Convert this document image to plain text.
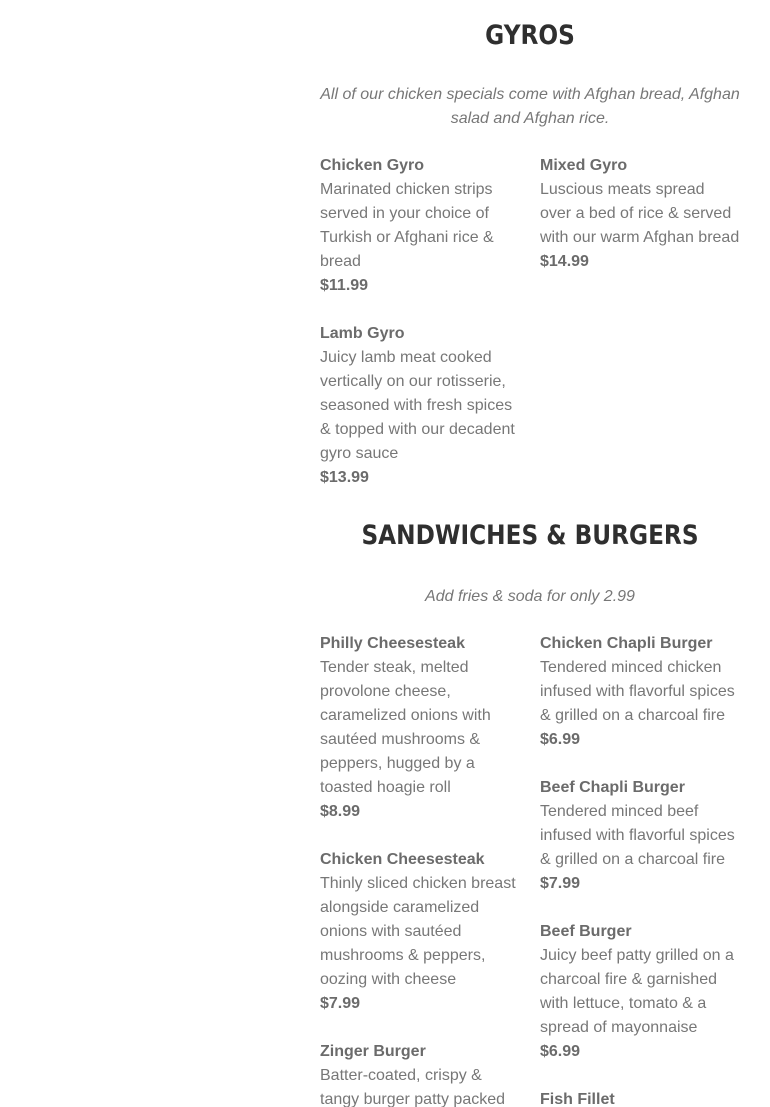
GYROS

All of our chicken specials come with Afghan bread, Afghan salad and Afghan rice.

Chicken Gyro
Marinated chicken strips served in your choice of Turkish or Afghani rice & bread
$11.99
Lamb Gyro
Juicy lamb meat cooked vertically on our rotisserie, seasoned with fresh spices & topped with our decadent gyro sauce
$13.99
Mixed Gyro
Luscious meats spread over a bed of rice & served with our warm Afghan bread
$14.99
SANDWICHES & BURGERS

Add fries & soda for only 2.99

Philly Cheesesteak
Tender steak, melted provolone cheese, caramelized onions with sautéed mushrooms & peppers, hugged by a toasted hoagie roll
$8.99
Chicken Cheesesteak
Thinly sliced chicken breast alongside caramelized onions with sautéed mushrooms & peppers, oozing with cheese
$7.99
Zinger Burger
Batter-coated, crispy & tangy burger patty packed
Chicken Chapli Burger
Tendered minced chicken infused with flavorful spices & grilled on a charcoal fire
$6.99
Beef Chapli Burger
Tendered minced beef infused with flavorful spices & grilled on a charcoal fire
$7.99
Beef Burger
Juicy beef patty grilled on a charcoal fire & garnished with lettuce, tomato & a spread of mayonnaise
$6.99
Fish Fillet
